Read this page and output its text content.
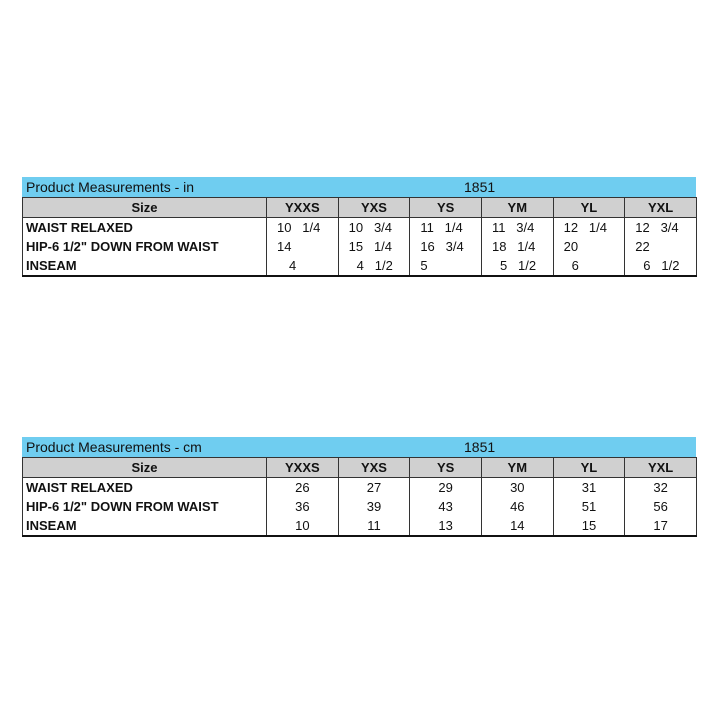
Product Measurements - in	1851
Size	YXXS	YXS	YS	YM	YL	YXL
WAIST RELAXED	10   1/4	10   3/4	11   1/4	11   3/4	12   1/4	12   3/4
HIP-6 1/2" DOWN FROM WAIST	14	15   1/4	16   3/4	18   1/4	20	22
INSEAM	4	4   1/2	5	5   1/2	6	6   1/2
Product Measurements - cm	1851
Size	YXXS	YXS	YS	YM	YL	YXL
WAIST RELAXED	26	27	29	30	31	32
HIP-6 1/2" DOWN FROM WAIST	36	39	43	46	51	56
INSEAM	10	11	13	14	15	17
